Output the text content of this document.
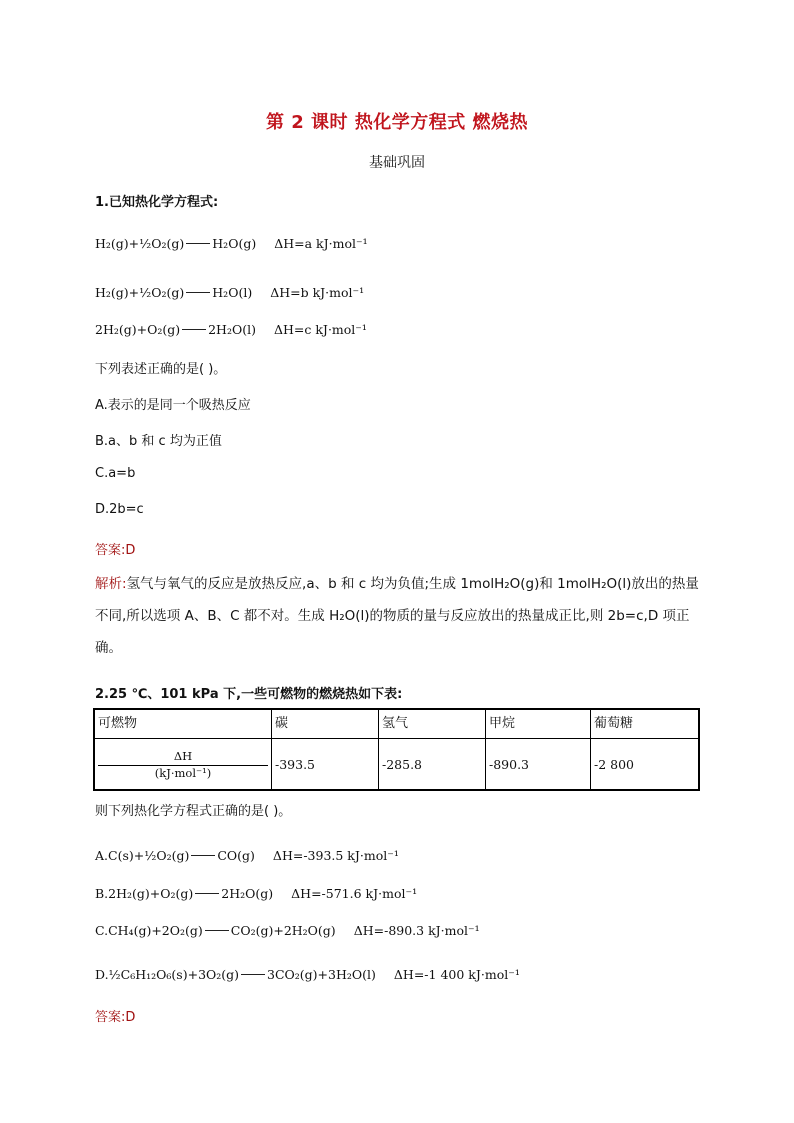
第 2 课时 热化学方程式 燃烧热
基础巩固
1.已知热化学方程式:
H₂(g)+½O₂(g) H₂O(g) ΔH=a kJ·mol⁻¹
H₂(g)+½O₂(g) H₂O(l) ΔH=b kJ·mol⁻¹
2H₂(g)+O₂(g) 2H₂O(l) ΔH=c kJ·mol⁻¹
下列表述正确的是( )。
A.表示的是同一个吸热反应
B.a、b 和 c 均为正值
C.a=b
D.2b=c
答案:D
解析:氢气与氧气的反应是放热反应,a、b 和 c 均为负值;生成 1molH₂O(g)和 1molH₂O(l)放出的热量不同,所以选项 A、B、C 都不对。生成 H₂O(l)的物质的量与反应放出的热量成正比,则 2b=c,D 项正确。
2.25 ℃、101 kPa 下,一些可燃物的燃烧热如下表:
可燃物	碳	氢气	甲烷	葡萄糖

ΔH
(kJ·mol⁻¹)	-393.5	-285.8	-890.3	-2 800
则下列热化学方程式正确的是( )。
A.C(s)+½O₂(g) CO(g) ΔH=-393.5 kJ·mol⁻¹
B.2H₂(g)+O₂(g) 2H₂O(g) ΔH=-571.6 kJ·mol⁻¹
C.CH₄(g)+2O₂(g) CO₂(g)+2H₂O(g) ΔH=-890.3 kJ·mol⁻¹
D.½C₆H₁₂O₆(s)+3O₂(g) 3CO₂(g)+3H₂O(l) ΔH=-1 400 kJ·mol⁻¹
答案:D
